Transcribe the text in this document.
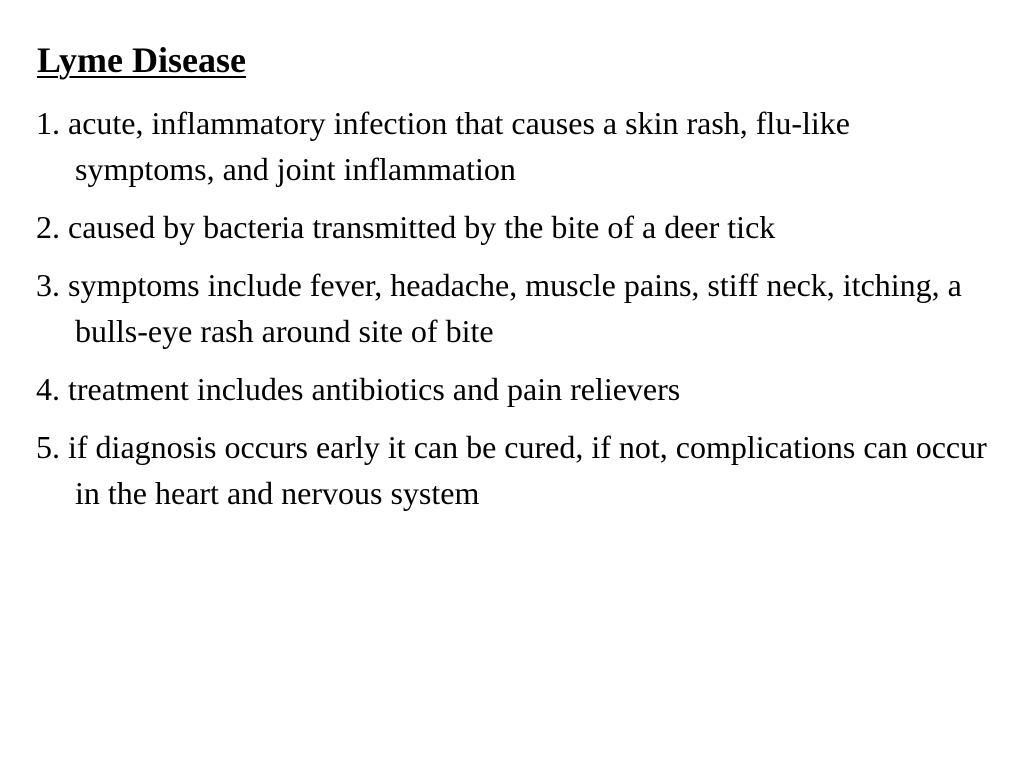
Lyme Disease
1. acute, inflammatory infection that causes a skin rash, flu-like symptoms, and joint inflammation
2. caused by bacteria transmitted by the bite of a deer tick
3. symptoms include fever, headache, muscle pains, stiff neck, itching, a bulls-eye rash around site of bite
4. treatment includes antibiotics and pain relievers
5. if diagnosis occurs early it can be cured, if not, complications can occur in the heart and nervous system
